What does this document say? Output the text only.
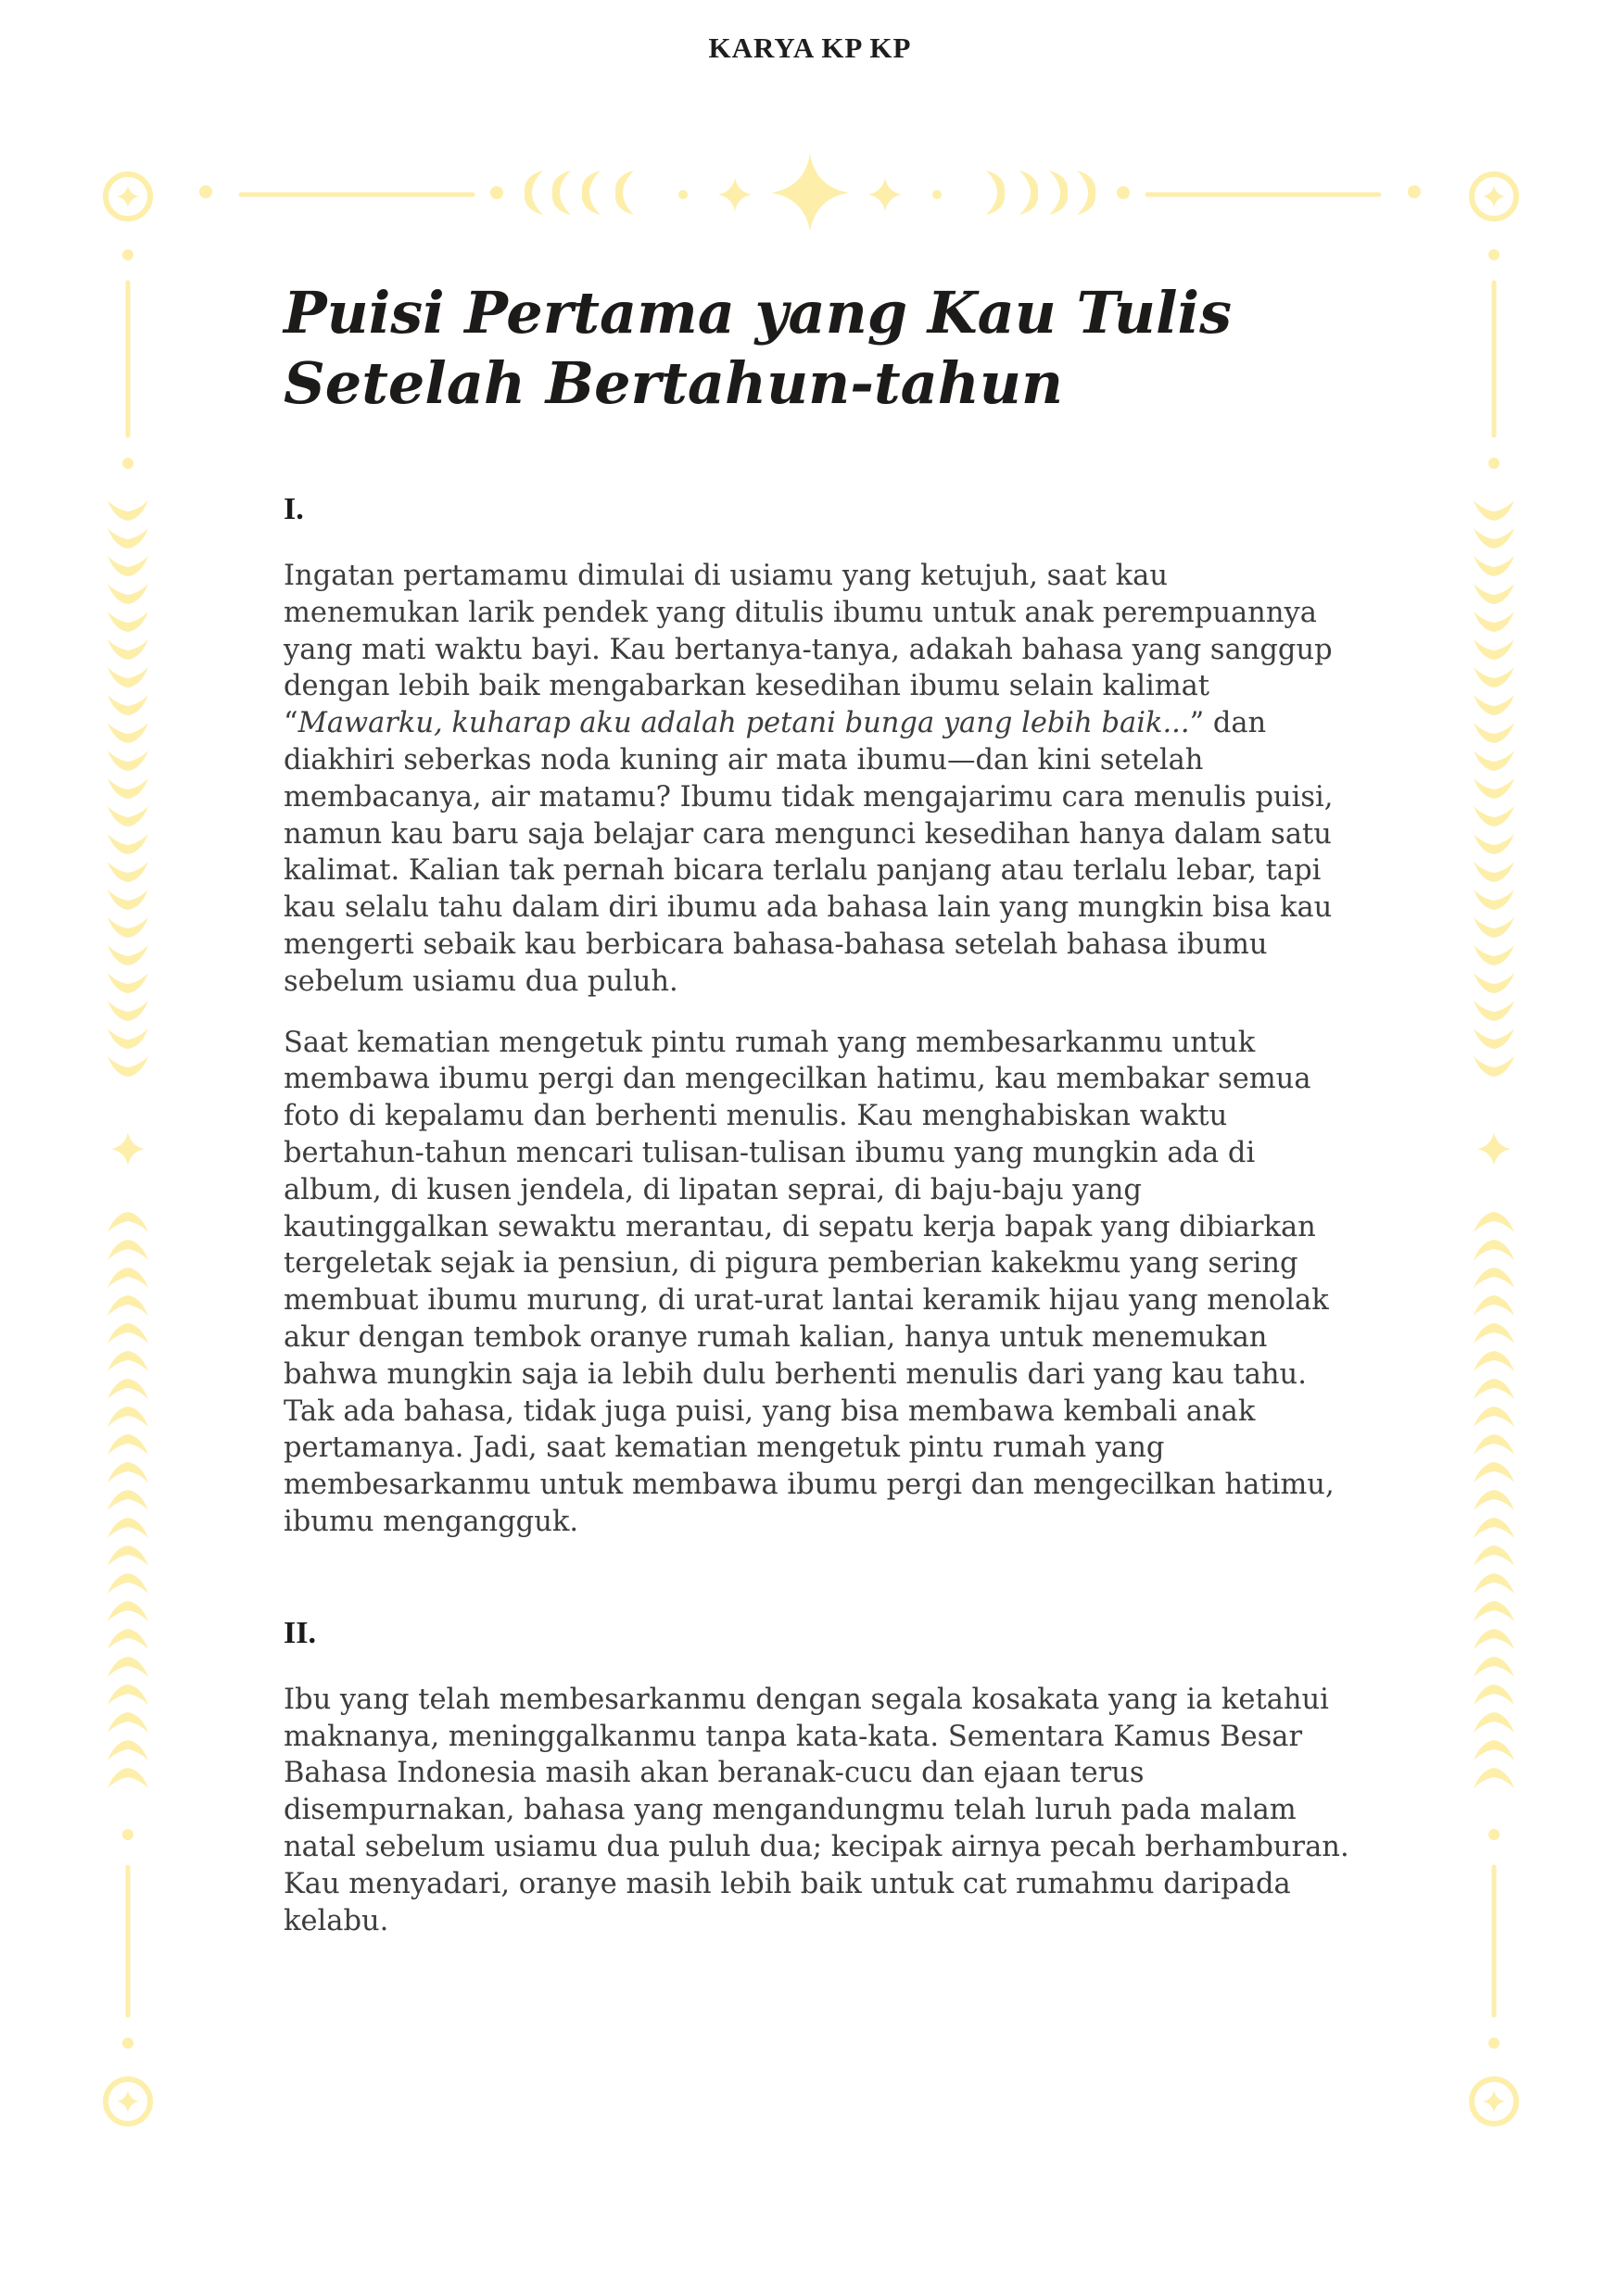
KARYA KP KP
Puisi Pertama yang Kau Tulis
Setelah Bertahun-tahun
I.

Ingatan pertamamu dimulai di usiamu yang ketujuh, saat kau menemukan larik pendek yang ditulis ibumu untuk anak perempuannya yang mati waktu bayi. Kau bertanya-tanya, adakah bahasa yang sanggup dengan lebih baik mengabarkan kesedihan ibumu selain kalimat “Mawarku, kuharap aku adalah petani bunga yang lebih baik...” dan diakhiri seberkas noda kuning air mata ibumu—dan kini setelah membacanya, air matamu? Ibumu tidak mengajarimu cara menulis puisi, namun kau baru saja belajar cara mengunci kesedihan hanya dalam satu kalimat. Kalian tak pernah bicara terlalu panjang atau terlalu lebar, tapi kau selalu tahu dalam diri ibumu ada bahasa lain yang mungkin bisa kau mengerti sebaik kau berbicara bahasa-bahasa setelah bahasa ibumu sebelum usiamu dua puluh.

Saat kematian mengetuk pintu rumah yang membesarkanmu untuk membawa ibumu pergi dan mengecilkan hatimu, kau membakar semua foto di kepalamu dan berhenti menulis. Kau menghabiskan waktu bertahun-tahun mencari tulisan-tulisan ibumu yang mungkin ada di album, di kusen jendela, di lipatan seprai, di baju-baju yang kautinggalkan sewaktu merantau, di sepatu kerja bapak yang dibiarkan tergeletak sejak ia pensiun, di pigura pemberian kakekmu yang sering membuat ibumu murung, di urat-urat lantai keramik hijau yang menolak akur dengan tembok oranye rumah kalian, hanya untuk menemukan bahwa mungkin saja ia lebih dulu berhenti menulis dari yang kau tahu. Tak ada bahasa, tidak juga puisi, yang bisa membawa kembali anak pertamanya. Jadi, saat kematian mengetuk pintu rumah yang membesarkanmu untuk membawa ibumu pergi dan mengecilkan hatimu, ibumu mengangguk.

II.

Ibu yang telah membesarkanmu dengan segala kosakata yang ia ketahui maknanya, meninggalkanmu tanpa kata-kata. Sementara Kamus Besar Bahasa Indonesia masih akan beranak-cucu dan ejaan terus disempurnakan, bahasa yang mengandungmu telah luruh pada malam natal sebelum usiamu dua puluh dua; kecipak airnya pecah berhamburan. Kau menyadari, oranye masih lebih baik untuk cat rumahmu daripada kelabu.
